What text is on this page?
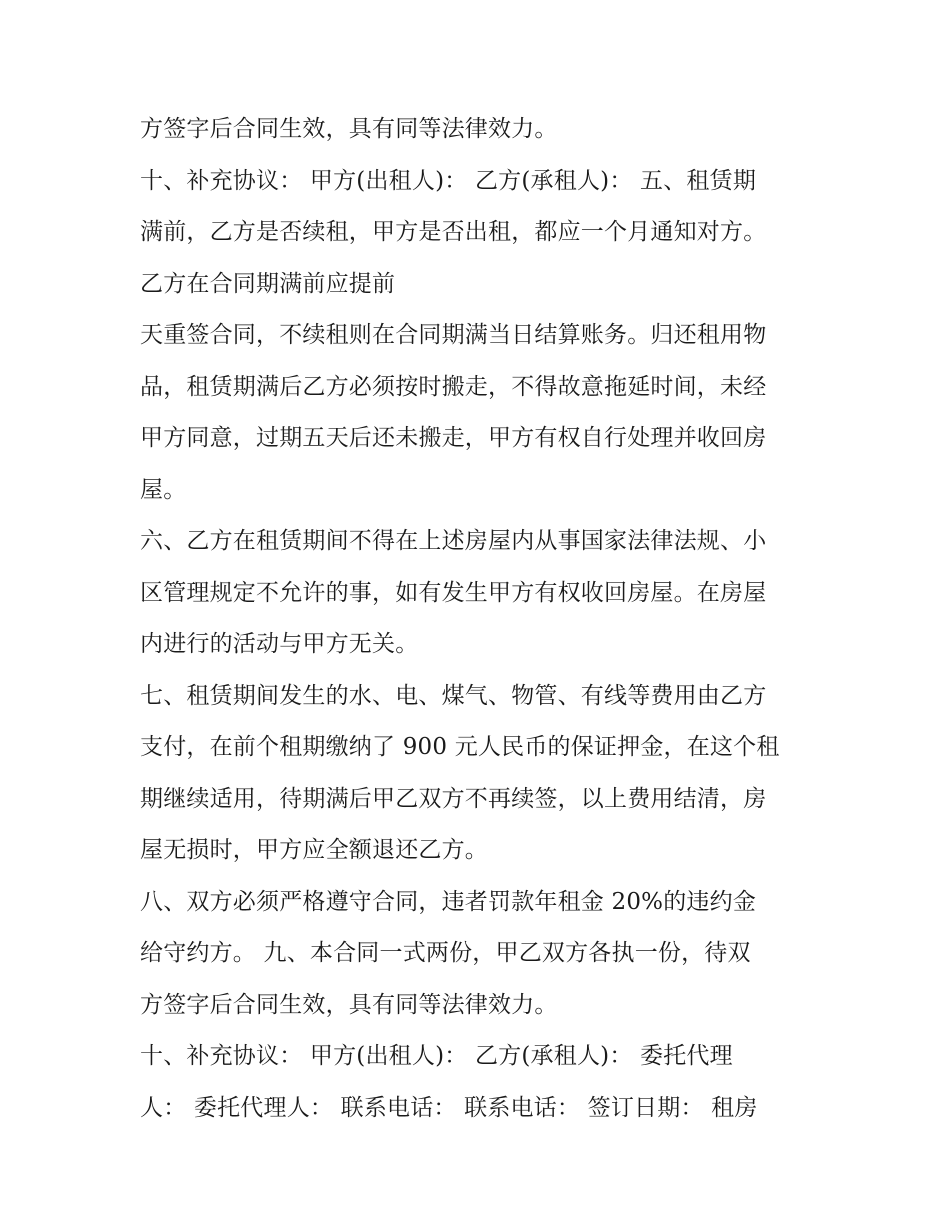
方签字后合同生效，具有同等法律效力。
十、补充协议： 甲方(出租人)： 乙方(承租人)： 五、租赁期
满前，乙方是否续租，甲方是否出租，都应一个月通知对方。
乙方在合同期满前应提前
天重签合同，不续租则在合同期满当日结算账务。归还租用物
品，租赁期满后乙方必须按时搬走，不得故意拖延时间，未经
甲方同意，过期五天后还未搬走，甲方有权自行处理并收回房
屋。
六、乙方在租赁期间不得在上述房屋内从事国家法律法规、小
区管理规定不允许的事，如有发生甲方有权收回房屋。在房屋
内进行的活动与甲方无关。
七、租赁期间发生的水、电、煤气、物管、有线等费用由乙方
支付，在前个租期缴纳了 900 元人民币的保证押金，在这个租
期继续适用，待期满后甲乙双方不再续签，以上费用结清，房
屋无损时，甲方应全额退还乙方。
八、双方必须严格遵守合同，违者罚款年租金 20%的违约金
给守约方。 九、本合同一式两份，甲乙双方各执一份，待双
方签字后合同生效，具有同等法律效力。
十、补充协议： 甲方(出租人)： 乙方(承租人)： 委托代理
人： 委托代理人： 联系电话： 联系电话： 签订日期： 租房
